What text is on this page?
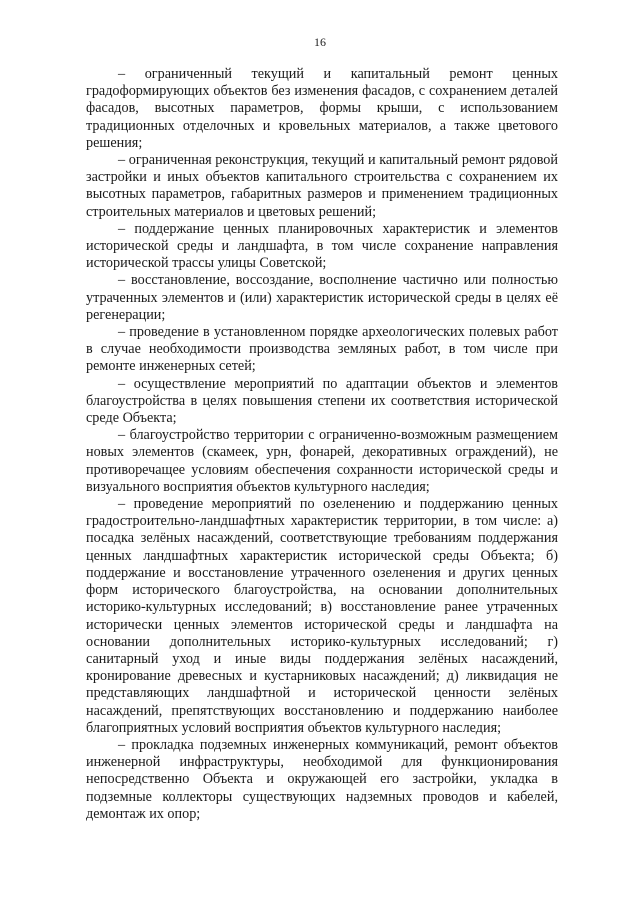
16

– ограниченный текущий и капитальный ремонт ценных градоформирующих объектов без изменения фасадов, с сохранением деталей фасадов, высотных параметров, формы крыши, с использованием традиционных отделочных и кровельных материалов, а также цветового решения;

– ограниченная реконструкция, текущий и капитальный ремонт рядовой застройки и иных объектов капитального строительства с сохранением их высотных параметров, габаритных размеров и применением традиционных строительных материалов и цветовых решений;

– поддержание ценных планировочных характеристик и элементов исторической среды и ландшафта, в том числе сохранение направления исторической трассы улицы Советской;

– восстановление, воссоздание, восполнение частично или полностью утраченных элементов и (или) характеристик исторической среды в целях её регенерации;

– проведение в установленном порядке археологических полевых работ в случае необходимости производства земляных работ, в том числе при ремонте инженерных сетей;

– осуществление мероприятий по адаптации объектов и элементов благоустройства в целях повышения степени их соответствия исторической среде Объекта;

– благоустройство территории с ограниченно-возможным размещением новых элементов (скамеек, урн, фонарей, декоративных ограждений), не противоречащее условиям обеспечения сохранности исторической среды и визуального восприятия объектов культурного наследия;

– проведение мероприятий по озеленению и поддержанию ценных градостроительно-ландшафтных характеристик территории, в том числе: а) посадка зелёных насаждений, соответствующие требованиям поддержания ценных ландшафтных характеристик исторической среды Объекта; б) поддержание и восстановление утраченного озеленения и других ценных форм исторического благоустройства, на основании дополнительных историко-культурных исследований; в) восстановление ранее утраченных исторически ценных элементов исторической среды и ландшафта на основании дополнительных историко-культурных исследований; г) санитарный уход и иные виды поддержания зелёных насаждений, кронирование древесных и кустарниковых насаждений; д) ликвидация не представляющих ландшафтной и исторической ценности зелёных насаждений, препятствующих восстановлению и поддержанию наиболее благоприятных условий восприятия объектов культурного наследия;

– прокладка подземных инженерных коммуникаций, ремонт объектов инженерной инфраструктуры, необходимой для функционирования непосредственно Объекта и окружающей его застройки, укладка в подземные коллекторы существующих надземных проводов и кабелей, демонтаж их опор;
